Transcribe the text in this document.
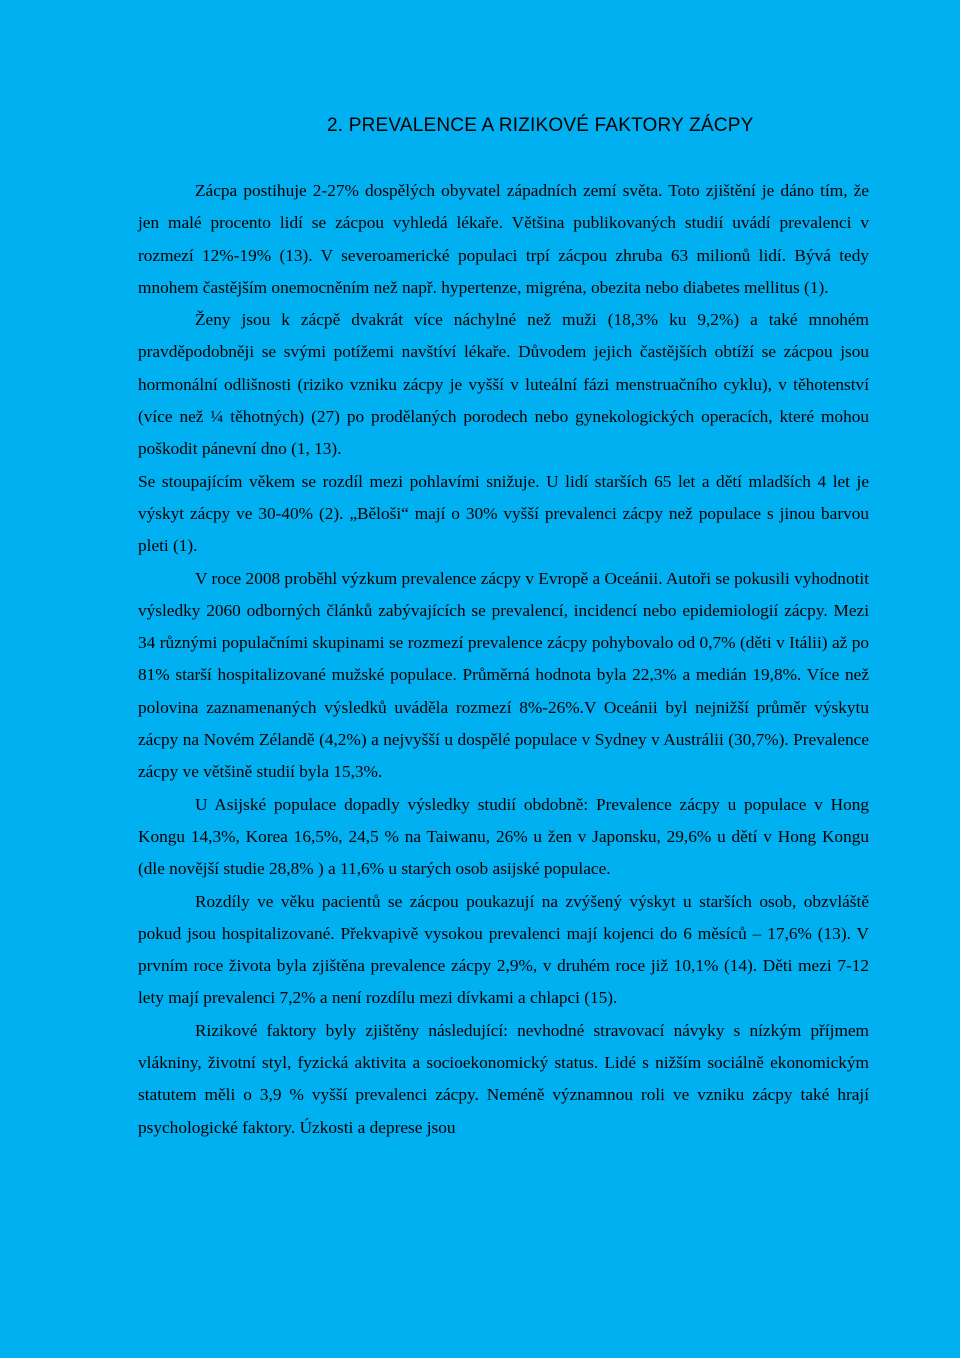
2. PREVALENCE A RIZIKOVÉ FAKTORY ZÁCPY

Zácpa postihuje 2-27% dospělých obyvatel západních zemí světa. Toto zjištění je dáno tím, že jen malé procento lidí se zácpou vyhledá lékaře. Většina publikovaných studií uvádí prevalenci v rozmezí 12%-19% (13). V severoamerické populaci trpí zácpou zhruba 63 milionů lidí. Bývá tedy mnohem častějším onemocněním než např. hypertenze, migréna, obezita nebo diabetes mellitus (1).

Ženy jsou k zácpě dvakrát více náchylné než muži (18,3% ku 9,2%) a také mnohém pravděpodobněji se svými potížemi navštíví lékaře. Důvodem jejich častějších obtíží se zácpou jsou hormonální odlišnosti (riziko vzniku zácpy je vyšší v luteální fázi menstruačního cyklu), v těhotenství (více než ¼ těhotných) (27) po prodělaných porodech nebo gynekologických operacích, které mohou poškodit pánevní dno (1, 13).

Se stoupajícím věkem se rozdíl mezi pohlavími snižuje. U lidí starších 65 let a dětí mladších 4 let je výskyt zácpy ve 30-40% (2). „Běloši“ mají o 30% vyšší prevalenci zácpy než populace s jinou barvou pleti (1).

V roce 2008 proběhl výzkum prevalence zácpy v Evropě a Oceánii. Autoři se pokusili vyhodnotit výsledky 2060 odborných článků zabývajících se prevalencí, incidencí nebo epidemiologií zácpy. Mezi 34 různými populačními skupinami se rozmezí prevalence zácpy pohybovalo od 0,7% (děti v Itálii) až po 81% starší hospitalizované mužské populace. Průměrná hodnota byla 22,3% a medián 19,8%. Více než polovina zaznamenaných výsledků uváděla rozmezí 8%-26%.V Oceánii byl nejnižší průměr výskytu zácpy na Novém Zélandě (4,2%) a nejvyšší u dospělé populace v Sydney v Austrálii (30,7%). Prevalence zácpy ve většině studií byla 15,3%.

U Asijské populace dopadly výsledky studií obdobně: Prevalence zácpy u populace v Hong Kongu 14,3%, Korea 16,5%, 24,5 % na Taiwanu, 26% u žen v Japonsku, 29,6% u dětí v Hong Kongu (dle novější studie 28,8% ) a 11,6% u starých osob asijské populace.

Rozdíly ve věku pacientů se zácpou poukazují na zvýšený výskyt u starších osob, obzvláště pokud jsou hospitalizované. Překvapivě vysokou prevalenci mají kojenci do 6 měsíců – 17,6% (13). V prvním roce života byla zjištěna prevalence zácpy 2,9%, v druhém roce již 10,1% (14). Děti mezi 7-12 lety mají prevalenci 7,2% a není rozdílu mezi dívkami a chlapci (15).

Rizikové faktory byly zjištěny následující: nevhodné stravovací návyky s nízkým příjmem vlákniny, životní styl, fyzická aktivita a socioekonomický status. Lidé s nižším sociálně ekonomickým statutem měli o 3,9 % vyšší prevalenci zácpy. Neméně významnou roli ve vzniku zácpy také hrají psychologické faktory. Úzkosti a deprese jsou
